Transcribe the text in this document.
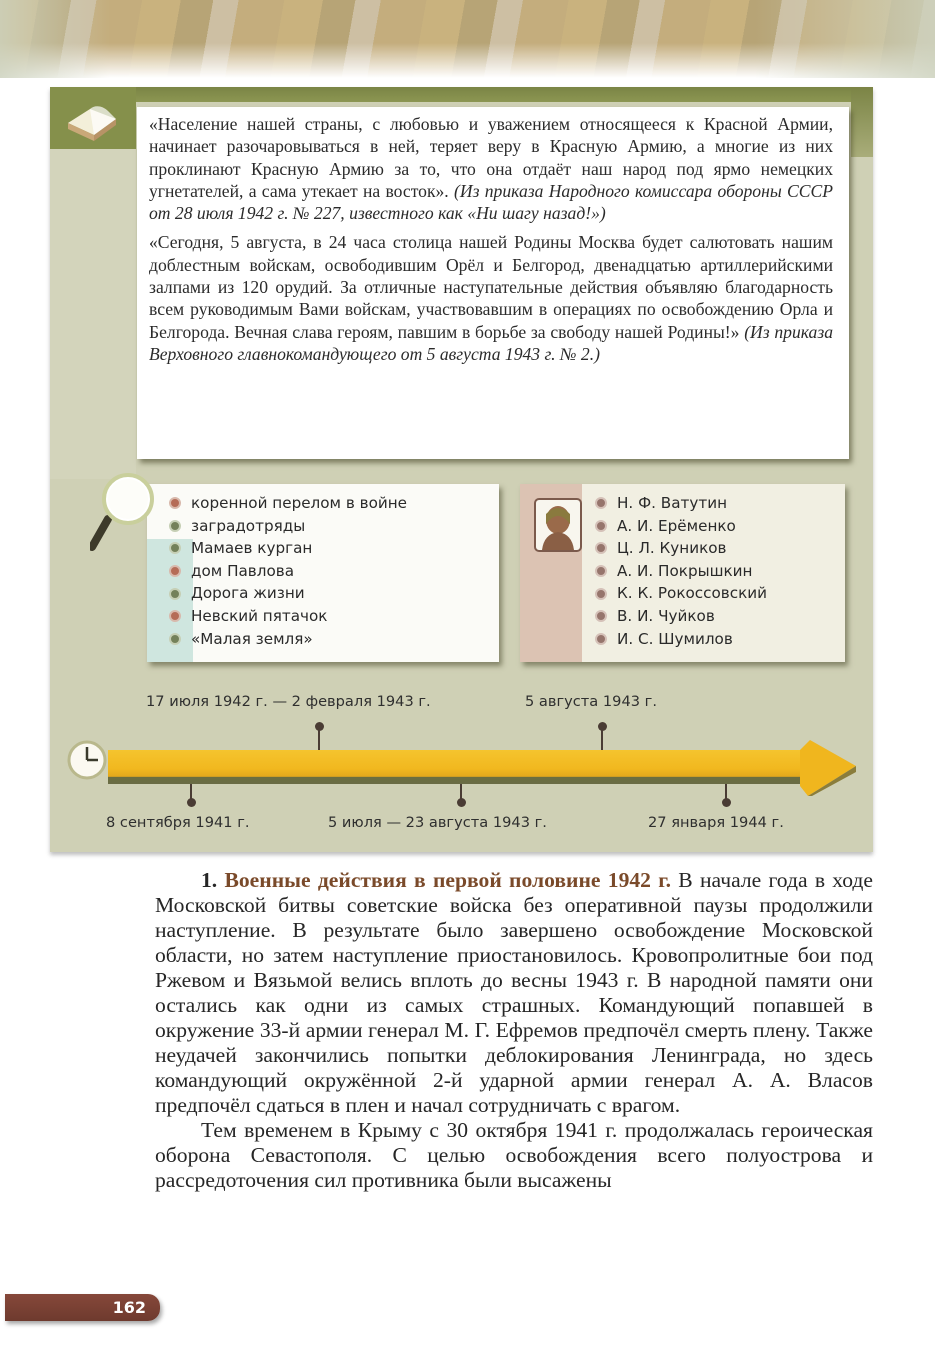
«Население нашей страны, с любовью и уважением относящееся к Красной Армии, начинает разочаровываться в ней, теряет веру в Красную Армию, а многие из них проклинают Красную Армию за то, что она отдаёт наш народ под ярмо немецких угнетателей, а сама утекает на восток». (Из приказа Народного комиссара обороны СССР от 28 июля 1942 г. № 227, известного как «Ни шагу назад!»)

«Сегодня, 5 августа, в 24 часа столица нашей Родины Москва будет салютовать нашим доблестным войскам, освободившим Орёл и Белгород, двенадцатью артиллерийскими залпами из 120 орудий. За отличные наступательные действия объявляю благодарность всем руководимым Вами войскам, участвовавшим в операциях по освобождению Орла и Белгорода. Вечная слава героям, павшим в борьбе за свободу нашей Родины!» (Из приказа Верховного главнокомандующего от 5 августа 1943 г. № 2.)

коренной перелом в войне
заградотряды
Мамаев курган
дом Павлова
Дорога жизни
Невский пятачок
«Малая земля»
Н. Ф. Ватутин
А. И. Ерёменко
Ц. Л. Куников
А. И. Покрышкин
К. К. Рокоссовский
В. И. Чуйков
И. С. Шумилов
17 июля 1942 г. — 2 февраля 1943 г.	5 августа 1943 г.
8 сентября 1941 г.	5 июля — 23 августа 1943 г.	27 января 1944 г.

1. Военные действия в первой половине 1942 г. В начале года в ходе Московской битвы советские войска без оперативной паузы продолжили наступление. В результате было завершено освобождение Московской области, но затем наступление приостановилось. Кровопролитные бои под Ржевом и Вязьмой велись вплоть до весны 1943 г. В народной памяти они остались как одни из самых страшных. Командующий попавшей в окружение 33-й армии генерал М. Г. Ефремов предпочёл смерть плену. Также неудачей закончились попытки деблокирования Ленинграда, но здесь командующий окружённой 2-й ударной армии генерал А. А. Власов предпочёл сдаться в плен и начал сотрудничать с врагом.

Тем временем в Крыму с 30 октября 1941 г. продолжалась героическая оборона Севастополя. С целью освобождения всего полуострова и рассредоточения сил противника были высажены

162
